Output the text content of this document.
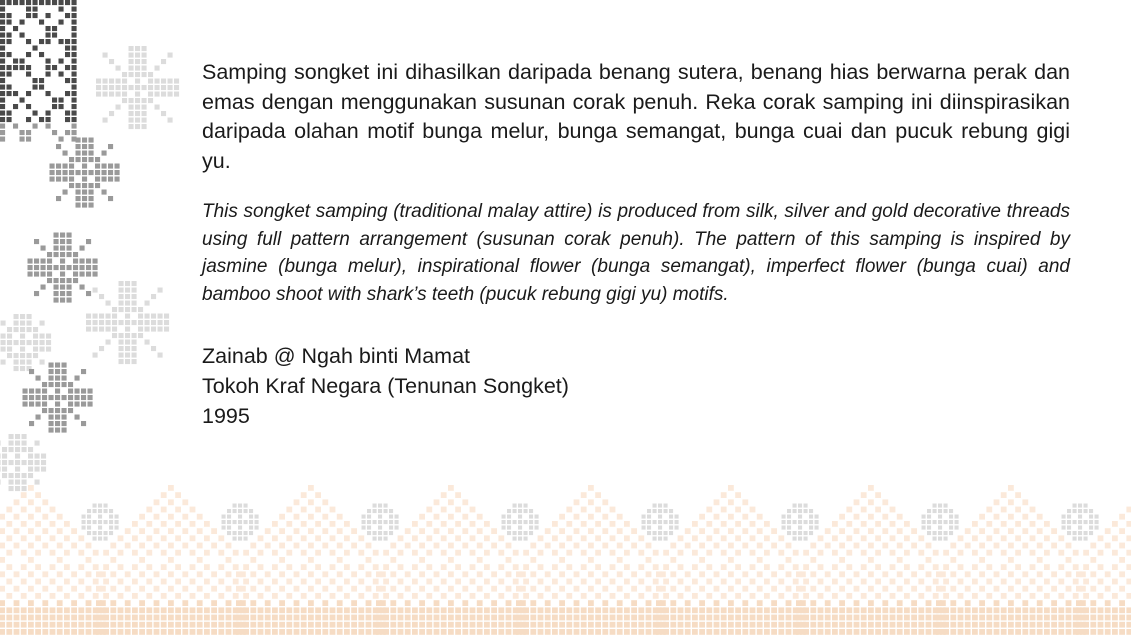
Samping songket ini dihasilkan daripada benang sutera, benang hias berwarna perak dan emas dengan menggunakan susunan corak penuh. Reka corak samping ini diinspirasikan daripada olahan motif bunga melur, bunga semangat, bunga cuai dan pucuk rebung gigi yu.

This songket samping (traditional malay attire) is produced from silk, silver and gold decorative threads using full pattern arrangement (susunan corak penuh). The pattern of this samping is inspired by jasmine (bunga melur), inspirational flower (bunga semangat), imperfect flower (bunga cuai) and bamboo shoot with shark’s teeth (pucuk rebung gigi yu) motifs.

Zainab @ Ngah binti Mamat
Tokoh Kraf Negara (Tenunan Songket)
1995
